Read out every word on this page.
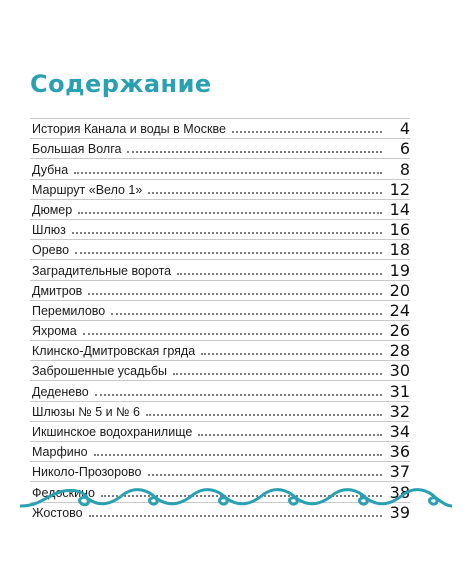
Содержание
История Канала и воды в Москве	4
Большая Волга	6
Дубна	8
Маршрут «Вело 1»	12
Дюмер	14
Шлюз	16
Орево	18
Заградительные ворота	19
Дмитров	20
Перемилово	24
Яхрома	26
Клинско-Дмитровская гряда	28
Заброшенные усадьбы	30
Деденево	31
Шлюзы № 5 и № 6	32
Икшинское водохранилище	34
Марфино	36
Николо-Прозорово	37
Федоскино	38
Жостово	39
